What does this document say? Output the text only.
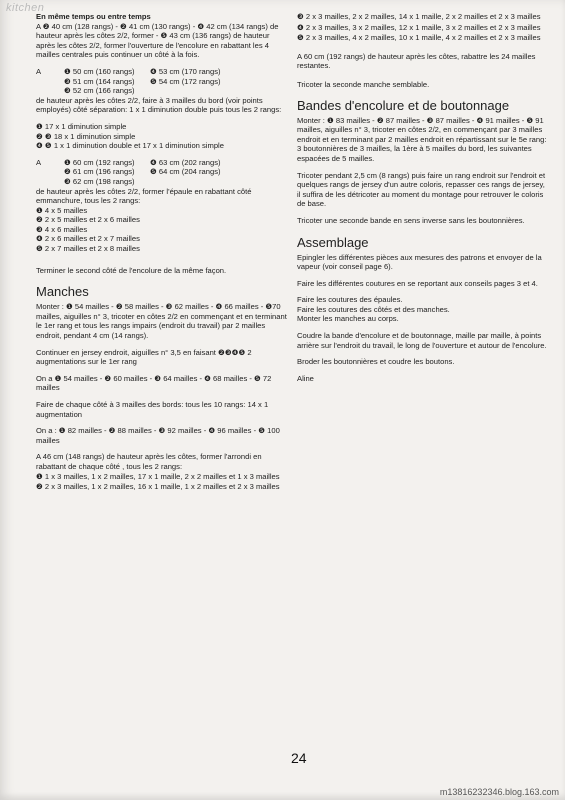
kitchen

En même temps ou entre temps

A ❷ 40 cm (128 rangs) - ❷ 41 cm (130 rangs) - ❹ 42 cm (134 rangs) de hauteur après les côtes 2/2, former - ❺ 43 cm (136 rangs) de hauteur après les côtes 2/2, former l'ouverture de l'encolure en rabattant les 4 mailles centrales puis continuer un côté à la fois.

A	❶ 50 cm (160 rangs)
❸ 51 cm (164 rangs)
❸ 52 cm (166 rangs)
❹ 53 cm (170 rangs)
❺ 54 cm (172 rangs)

de hauteur après les côtes 2/2, faire à 3 mailles du bord (voir points employés) côté séparation: 1 x 1 diminution double puis tous les 2 rangs:

❶ 17 x 1 diminution simple
❷ ❸ 18 x 1 diminution simple
❹ ❺ 1 x 1 diminution double et 17 x 1 diminution simple
A	❶ 60 cm (192 rangs)
❷ 61 cm (196 rangs)
❸ 62 cm (198 rangs)
❹ 63 cm (202 rangs)
❺ 64 cm (204 rangs)

de hauteur après les côtes 2/2, former l'épaule en rabattant côté emmanchure, tous les 2 rangs:

❶ 4 x 5 mailles
❷ 2 x 5 mailles et 2 x 6 mailles
❸ 4 x 6 mailles
❹ 2 x 6 mailles et 2 x 7 mailles
❺ 2 x 7 mailles et 2 x 8 mailles

Terminer le second côté de l'encolure de la même façon.

Manches

Monter : ❶ 54 mailles - ❷ 58 mailles - ❸ 62 mailles - ❹ 66 mailles - ❺70 mailles, aiguilles n° 3, tricoter en côtes 2/2 en commençant et en terminant le 1er rang et tous les rangs impairs (endroit du travail) par 2 mailles endroit, pendant 4 cm (14 rangs).

Continuer en jersey endroit, aiguilles n° 3,5 en faisant ❷❸❹❺ 2 augmentations sur le 1er rang

On a ❶ 54 mailles - ❷ 60 mailles - ❸ 64 mailles - ❹ 68 mailles - ❺ 72 mailles

Faire de chaque côté à 3 mailles des bords: tous les 10 rangs: 14 x 1 augmentation

On a : ❶ 82 mailles - ❷ 88 mailles - ❸ 92 mailles - ❹ 96 mailles - ❺ 100 mailles

A 46 cm (148 rangs) de hauteur après les côtes, former l'arrondi en rabattant de chaque côté , tous les 2 rangs:

❶ 1 x 3 mailles, 1 x 2 mailles, 17 x 1 maille, 2 x 2 mailles et 1 x 3 mailles

❷ 2 x 3 mailles, 1 x 2 mailles, 16 x 1 maille, 1 x 2 mailles et 2 x 3 mailles

❸ 2 x 3 mailles, 2 x 2 mailles, 14 x 1 maille, 2 x 2 mailles et 2 x 3 mailles

❹ 2 x 3 mailles, 3 x 2 mailles, 12 x 1 maille, 3 x 2 mailles et 2 x 3 mailles

❺ 2 x 3 mailles, 4 x 2 mailles, 10 x 1 maille, 4 x 2 mailles et 2 x 3 mailles

A 60 cm (192 rangs) de hauteur après les côtes, rabattre les 24 mailles restantes.

Tricoter la seconde manche semblable.

Bandes d'encolure et de boutonnage

Monter : ❶ 83 mailles - ❷ 87 mailles - ❸ 87 mailles - ❹ 91 mailles - ❺ 91 mailles, aiguilles n° 3, tricoter en côtes 2/2, en commençant par 3 mailles endroit et en terminant par 2 mailles endroit en répartissant sur le 5e rang: 3 boutonnières de 3 mailles, la 1ère à 5 mailles du bord, les suivantes espacées de 5 mailles.

Tricoter pendant 2,5 cm (8 rangs) puis faire un rang endroit sur l'endroit et quelques rangs de jersey d'un autre coloris, repasser ces rangs de jersey, il suffira de les détricoter au moment du montage pour retrouver le coloris de base.

Tricoter une seconde bande en sens inverse sans les boutonnières.

Assemblage

Epingler les différentes pièces aux mesures des patrons et envoyer de la vapeur (voir conseil page 6).

Faire les différentes coutures en se reportant aux conseils pages 3 et 4.

Faire les coutures des épaules.
Faire les coutures des côtés et des manches.
Monter les manches au corps.

Coudre la bande d'encolure et de boutonnage, maille par maille, à points arrière sur l'endroit du travail, le long de l'ouverture et autour de l'encolure.

Broder les boutonnières et coudre les boutons.

Aline

24
m13816232346.blog.163.com
